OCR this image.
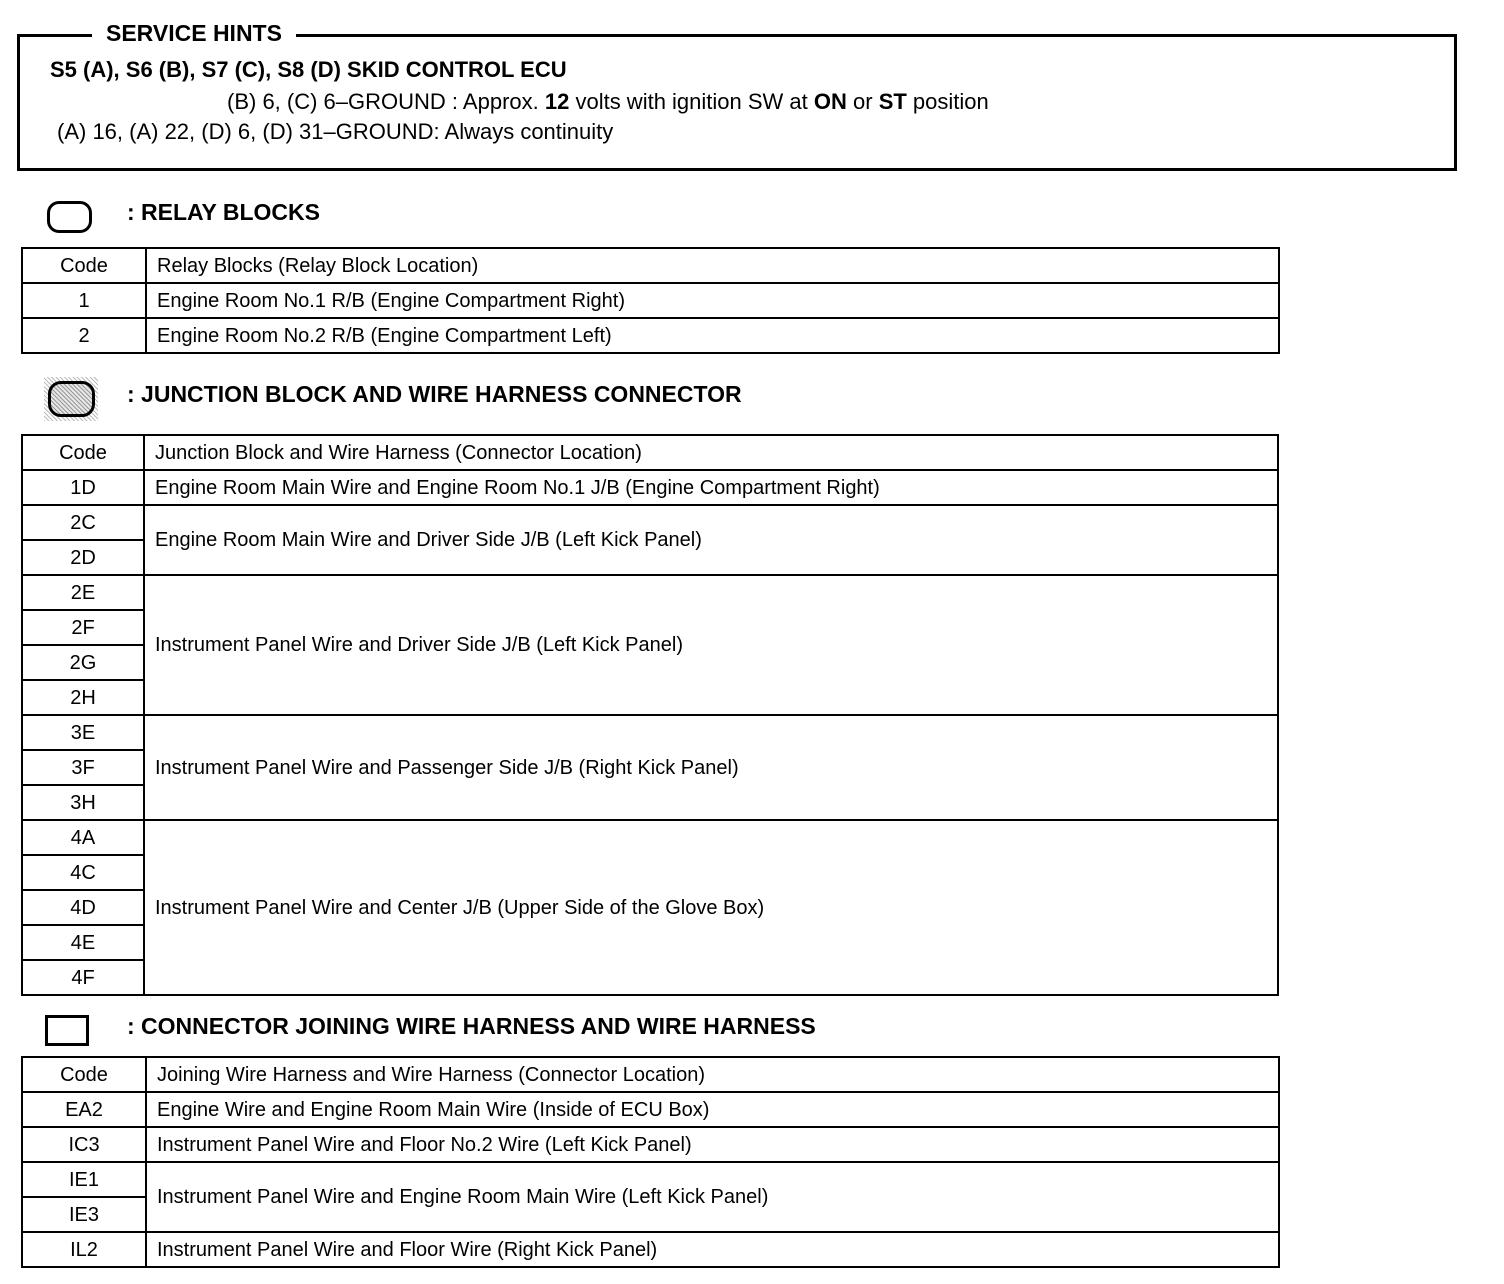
SERVICE HINTS
S5 (A), S6 (B), S7 (C), S8 (D) SKID CONTROL ECU
(B) 6, (C) 6–GROUND : Approx. 12 volts with ignition SW at ON or ST position
(A) 16, (A) 22, (D) 6, (D) 31–GROUND: Always continuity
: RELAY BLOCKS
Code	Relay Blocks (Relay Block Location)
1	Engine Room No.1 R/B (Engine Compartment Right)
2	Engine Room No.2 R/B (Engine Compartment Left)
: JUNCTION BLOCK AND WIRE HARNESS CONNECTOR
Code	Junction Block and Wire Harness (Connector Location)
1D	Engine Room Main Wire and Engine Room No.1 J/B (Engine Compartment Right)
2C	Engine Room Main Wire and Driver Side J/B (Left Kick Panel)
2D	
2E	Instrument Panel Wire and Driver Side J/B (Left Kick Panel)
2F	
2G	
2H	
3E	Instrument Panel Wire and Passenger Side J/B (Right Kick Panel)
3F	
3H	
4A	Instrument Panel Wire and Center J/B (Upper Side of the Glove Box)
4C	
4D	
4E	
4F	
: CONNECTOR JOINING WIRE HARNESS AND WIRE HARNESS
Code	Joining Wire Harness and Wire Harness (Connector Location)
EA2	Engine Wire and Engine Room Main Wire (Inside of ECU Box)
IC3	Instrument Panel Wire and Floor No.2 Wire (Left Kick Panel)
IE1	Instrument Panel Wire and Engine Room Main Wire (Left Kick Panel)
IE3	
IL2	Instrument Panel Wire and Floor Wire (Right Kick Panel)
